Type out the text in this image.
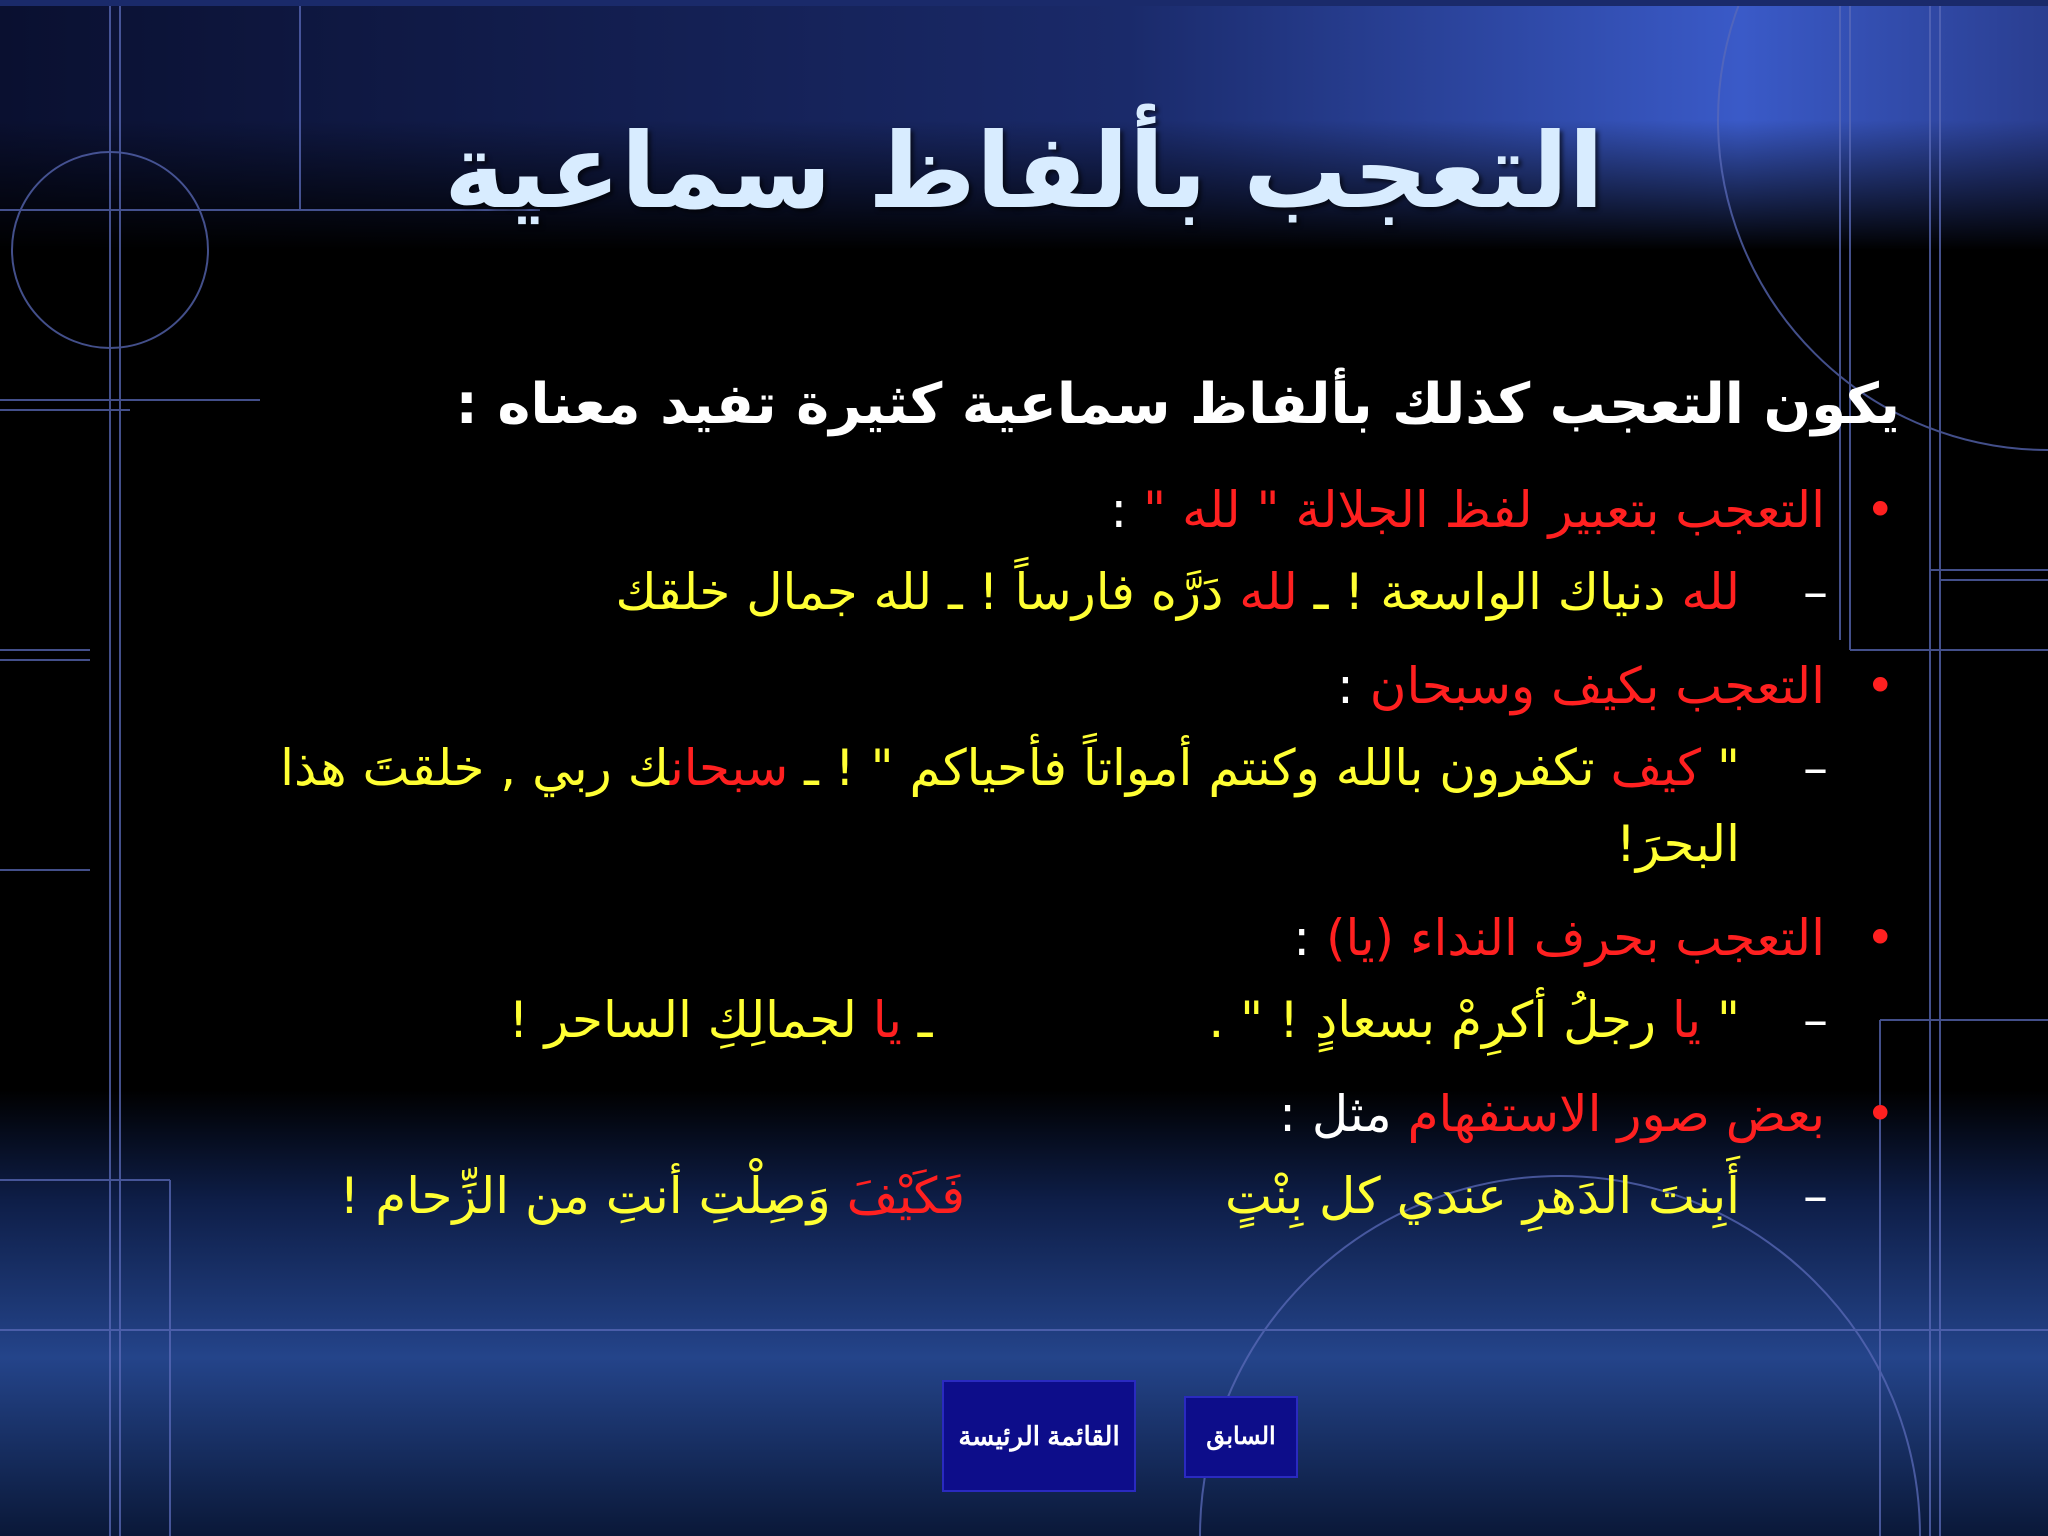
التعجب بألفاظ سماعية
يكون التعجب كذلك بألفاظ سماعية كثيرة تفيد معناه :
• التعجب بتعبير لفظ الجلالة " لله " :
–
لله دنياك الواسعة ! ـ لله دَرَّه فارساً ! ـ لله جمال خلقك
• التعجب بكيف وسبحان :
–
" كيف تكفرون بالله وكنتم أمواتاً فأحياكم " ! ـ سبحانك ربي , خلقتَ هذا البحرَ!
• التعجب بحرف النداء (يا) :
–
" يا رجلُ أكرِمْ بسعادٍ ! " . ـ يا لجمالِكِ الساحر !
• بعض صور الاستفهام مثل :
–
أَبِنتَ الدَهرِ عندي كل بِنْتٍفَكَيْفَ وَصِلْتِ أنتِ من الزِّحام !
القائمة الرئيسة	السابق
